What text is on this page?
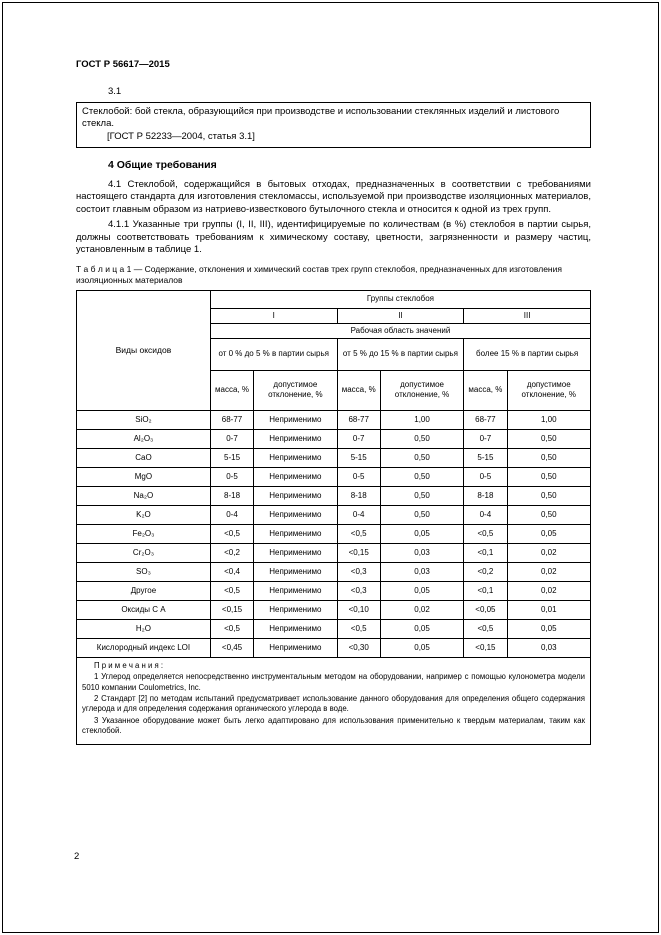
ГОСТ Р 56617—2015
3.1
Стеклобой: бой стекла, образующийся при производстве и использовании стеклянных изделий и листового стекла.
[ГОСТ Р 52233—2004, статья 3.1]
4 Общие требования

4.1 Стеклобой, содержащийся в бытовых отходах, предназначенных в соответствии с требованиями настоящего стандарта для изготовления стекломассы, используемой при производстве изоляционных материалов, состоит главным образом из натриево-известкового бутылочного стекла и относится к одной из трех групп.

4.1.1 Указанные три группы (I, II, III), идентифицируемые по количествам (в %) стеклобоя в партии сырья, должны соответствовать требованиям к химическому составу, цветности, загрязненности и размеру частиц, установленным в таблице 1.

Т а б л и ц а 1 — Содержание, отклонения и химический состав трех групп стеклобоя, предназначенных для изготовления изоляционных материалов
Виды оксидов	Группы стеклобоя					
	I		II		III	
	Рабочая область значений					
	от 0 % до 5 % в партии сырья		от 5 % до 15 % в партии сырья		более 15 % в партии сырья	
	масса, %	допустимое отклонение, %	масса, %	допустимое отклонение, %	масса, %	допустимое отклонение, %
SiO₂	68-77	Неприменимо	68-77	1,00	68-77	1,00
Al₂O₃	0-7	Неприменимо	0-7	0,50	0-7	0,50
CaO	5-15	Неприменимо	5-15	0,50	5-15	0,50
MgO	0-5	Неприменимо	0-5	0,50	0-5	0,50
Na₂O	8-18	Неприменимо	8-18	0,50	8-18	0,50
K₂O	0-4	Неприменимо	0-4	0,50	0-4	0,50
Fe₂O₃	<0,5	Неприменимо	<0,5	0,05	<0,5	0,05
Cr₂O₃	<0,2	Неприменимо	<0,15	0,03	<0,1	0,02
SO₃	<0,4	Неприменимо	<0,3	0,03	<0,2	0,02
Другое	<0,5	Неприменимо	<0,3	0,05	<0,1	0,02
Оксиды С А	<0,15	Неприменимо	<0,10	0,02	<0,05	0,01
H₂O	<0,5	Неприменимо	<0,5	0,05	<0,5	0,05
Кислородный индекс LOI	<0,45	Неприменимо	<0,30	0,05	<0,15	0,03

П р и м е ч а н и я :

1 Углерод определяется непосредственно инструментальным методом на оборудовании, например с помощью кулонометра модели 5010 компании Coulometrics, Inc.

2 Стандарт [2] по методам испытаний предусматривает использование данного оборудования для определения общего содержания углерода и для определения содержания органического углерода в воде.

3 Указанное оборудование может быть легко адаптировано для использования применительно к твердым материалам, таким как стеклобой.						

2
